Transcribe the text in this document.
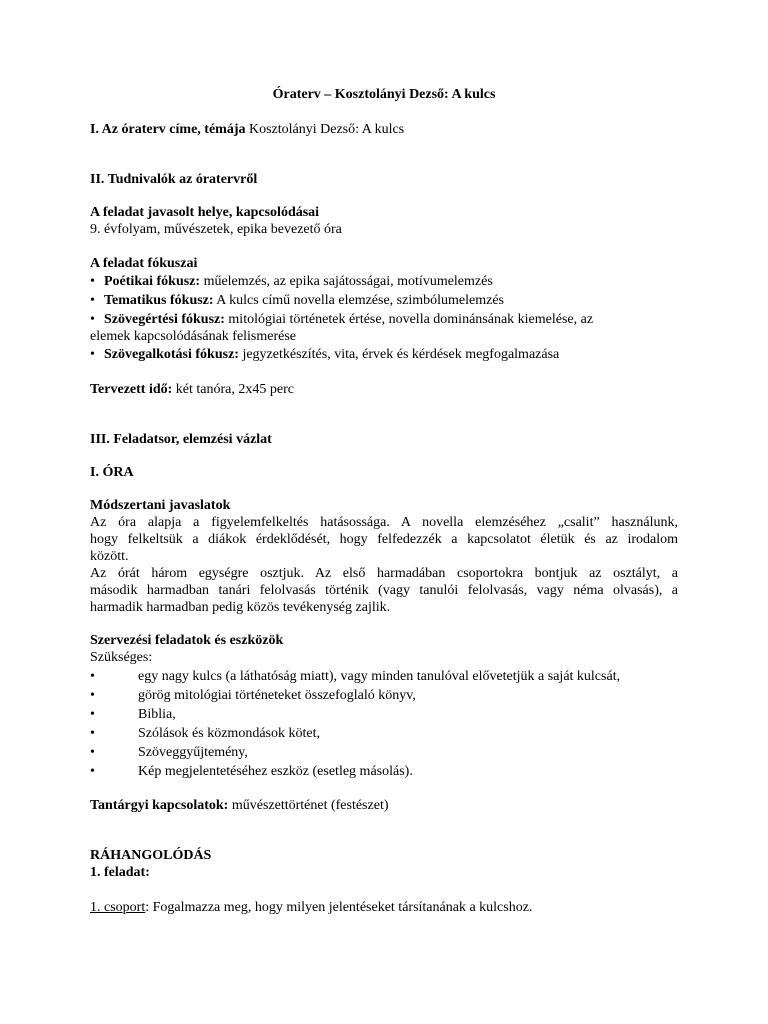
Óraterv – Kosztolányi Dezső: A kulcs
I. Az óraterv címe, témája Kosztolányi Dezső: A kulcs
II. Tudnivalók az óratervről
A feladat javasolt helye, kapcsolódásai
9. évfolyam, művészetek, epika bevezető óra
A feladat fókuszai
• Poétikai fókusz: műelemzés, az epika sajátosságai, motívumelemzés
• Tematikus fókusz: A kulcs című novella elemzése, szimbólumelemzés
• Szövegértési fókusz: mitológiai történetek értése, novella dominánsának kiemelése, az
elemek kapcsolódásának felismerése
• Szövegalkotási fókusz: jegyzetkészítés, vita, érvek és kérdések megfogalmazása
Tervezett idő: két tanóra, 2x45 perc
III. Feladatsor, elemzési vázlat
I. ÓRA
Módszertani javaslatok
Az óra alapja a figyelemfelkeltés hatásossága. A novella elemzéséhez „csalit” használunk,
hogy felkeltsük a diákok érdeklődését, hogy felfedezzék a kapcsolatot életük és az irodalom
között.
Az órát három egységre osztjuk. Az első harmadában csoportokra bontjuk az osztályt, a
második harmadban tanári felolvasás történik (vagy tanulói felolvasás, vagy néma olvasás), a
harmadik harmadban pedig közös tevékenység zajlik.
Szervezési feladatok és eszközök
Szükséges:
•	egy nagy kulcs (a láthatóság miatt), vagy minden tanulóval elővetetjük a saját kulcsát,
•	görög mitológiai történeteket összefoglaló könyv,
•	Biblia,
•	Szólások és közmondások kötet,
•	Szöveggyűjtemény,
•	Kép megjelentetéséhez eszköz (esetleg másolás).
Tantárgyi kapcsolatok: művészettörténet (festészet)
RÁHANGOLÓDÁS
1. feladat:
1. csoport: Fogalmazza meg, hogy milyen jelentéseket társítanának a kulcshoz.
